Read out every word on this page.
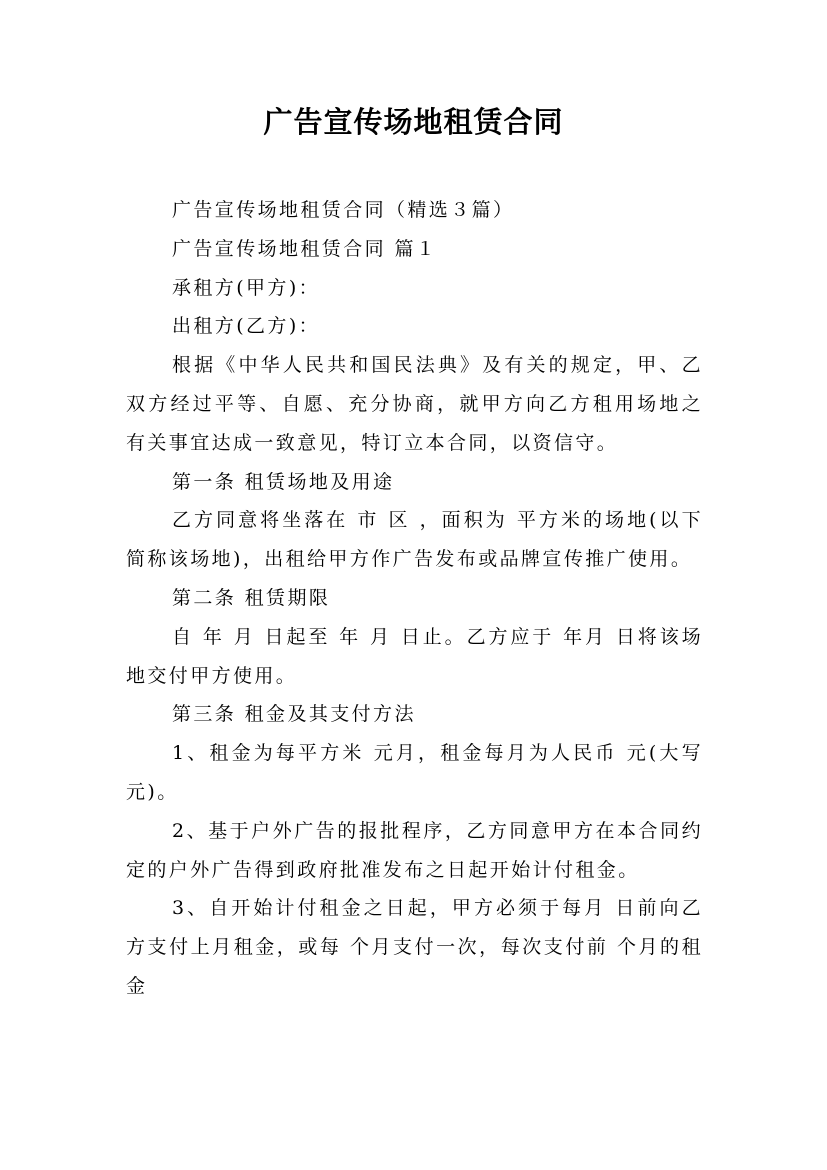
广告宣传场地租赁合同

广告宣传场地租赁合同（精选３篇）

广告宣传场地租赁合同 篇１

承租方(甲方)：

出租方(乙方)：

根据《中华人民共和国民法典》及有关的规定，甲、乙双方经过平等、自愿、充分协商，就甲方向乙方租用场地之有关事宜达成一致意见，特订立本合同，以资信守。

第一条 租赁场地及用途

乙方同意将坐落在 市 区 ，面积为 平方米的场地(以下简称该场地)，出租给甲方作广告发布或品牌宣传推广使用。

第二条 租赁期限

自 年 月 日起至 年 月 日止。乙方应于 年月 日将该场地交付甲方使用。

第三条 租金及其支付方法

1、租金为每平方米 元月，租金每月为人民币 元(大写元)。

2、基于户外广告的报批程序，乙方同意甲方在本合同约定的户外广告得到政府批准发布之日起开始计付租金。

3、自开始计付租金之日起，甲方必须于每月 日前向乙方支付上月租金，或每 个月支付一次，每次支付前 个月的租金
